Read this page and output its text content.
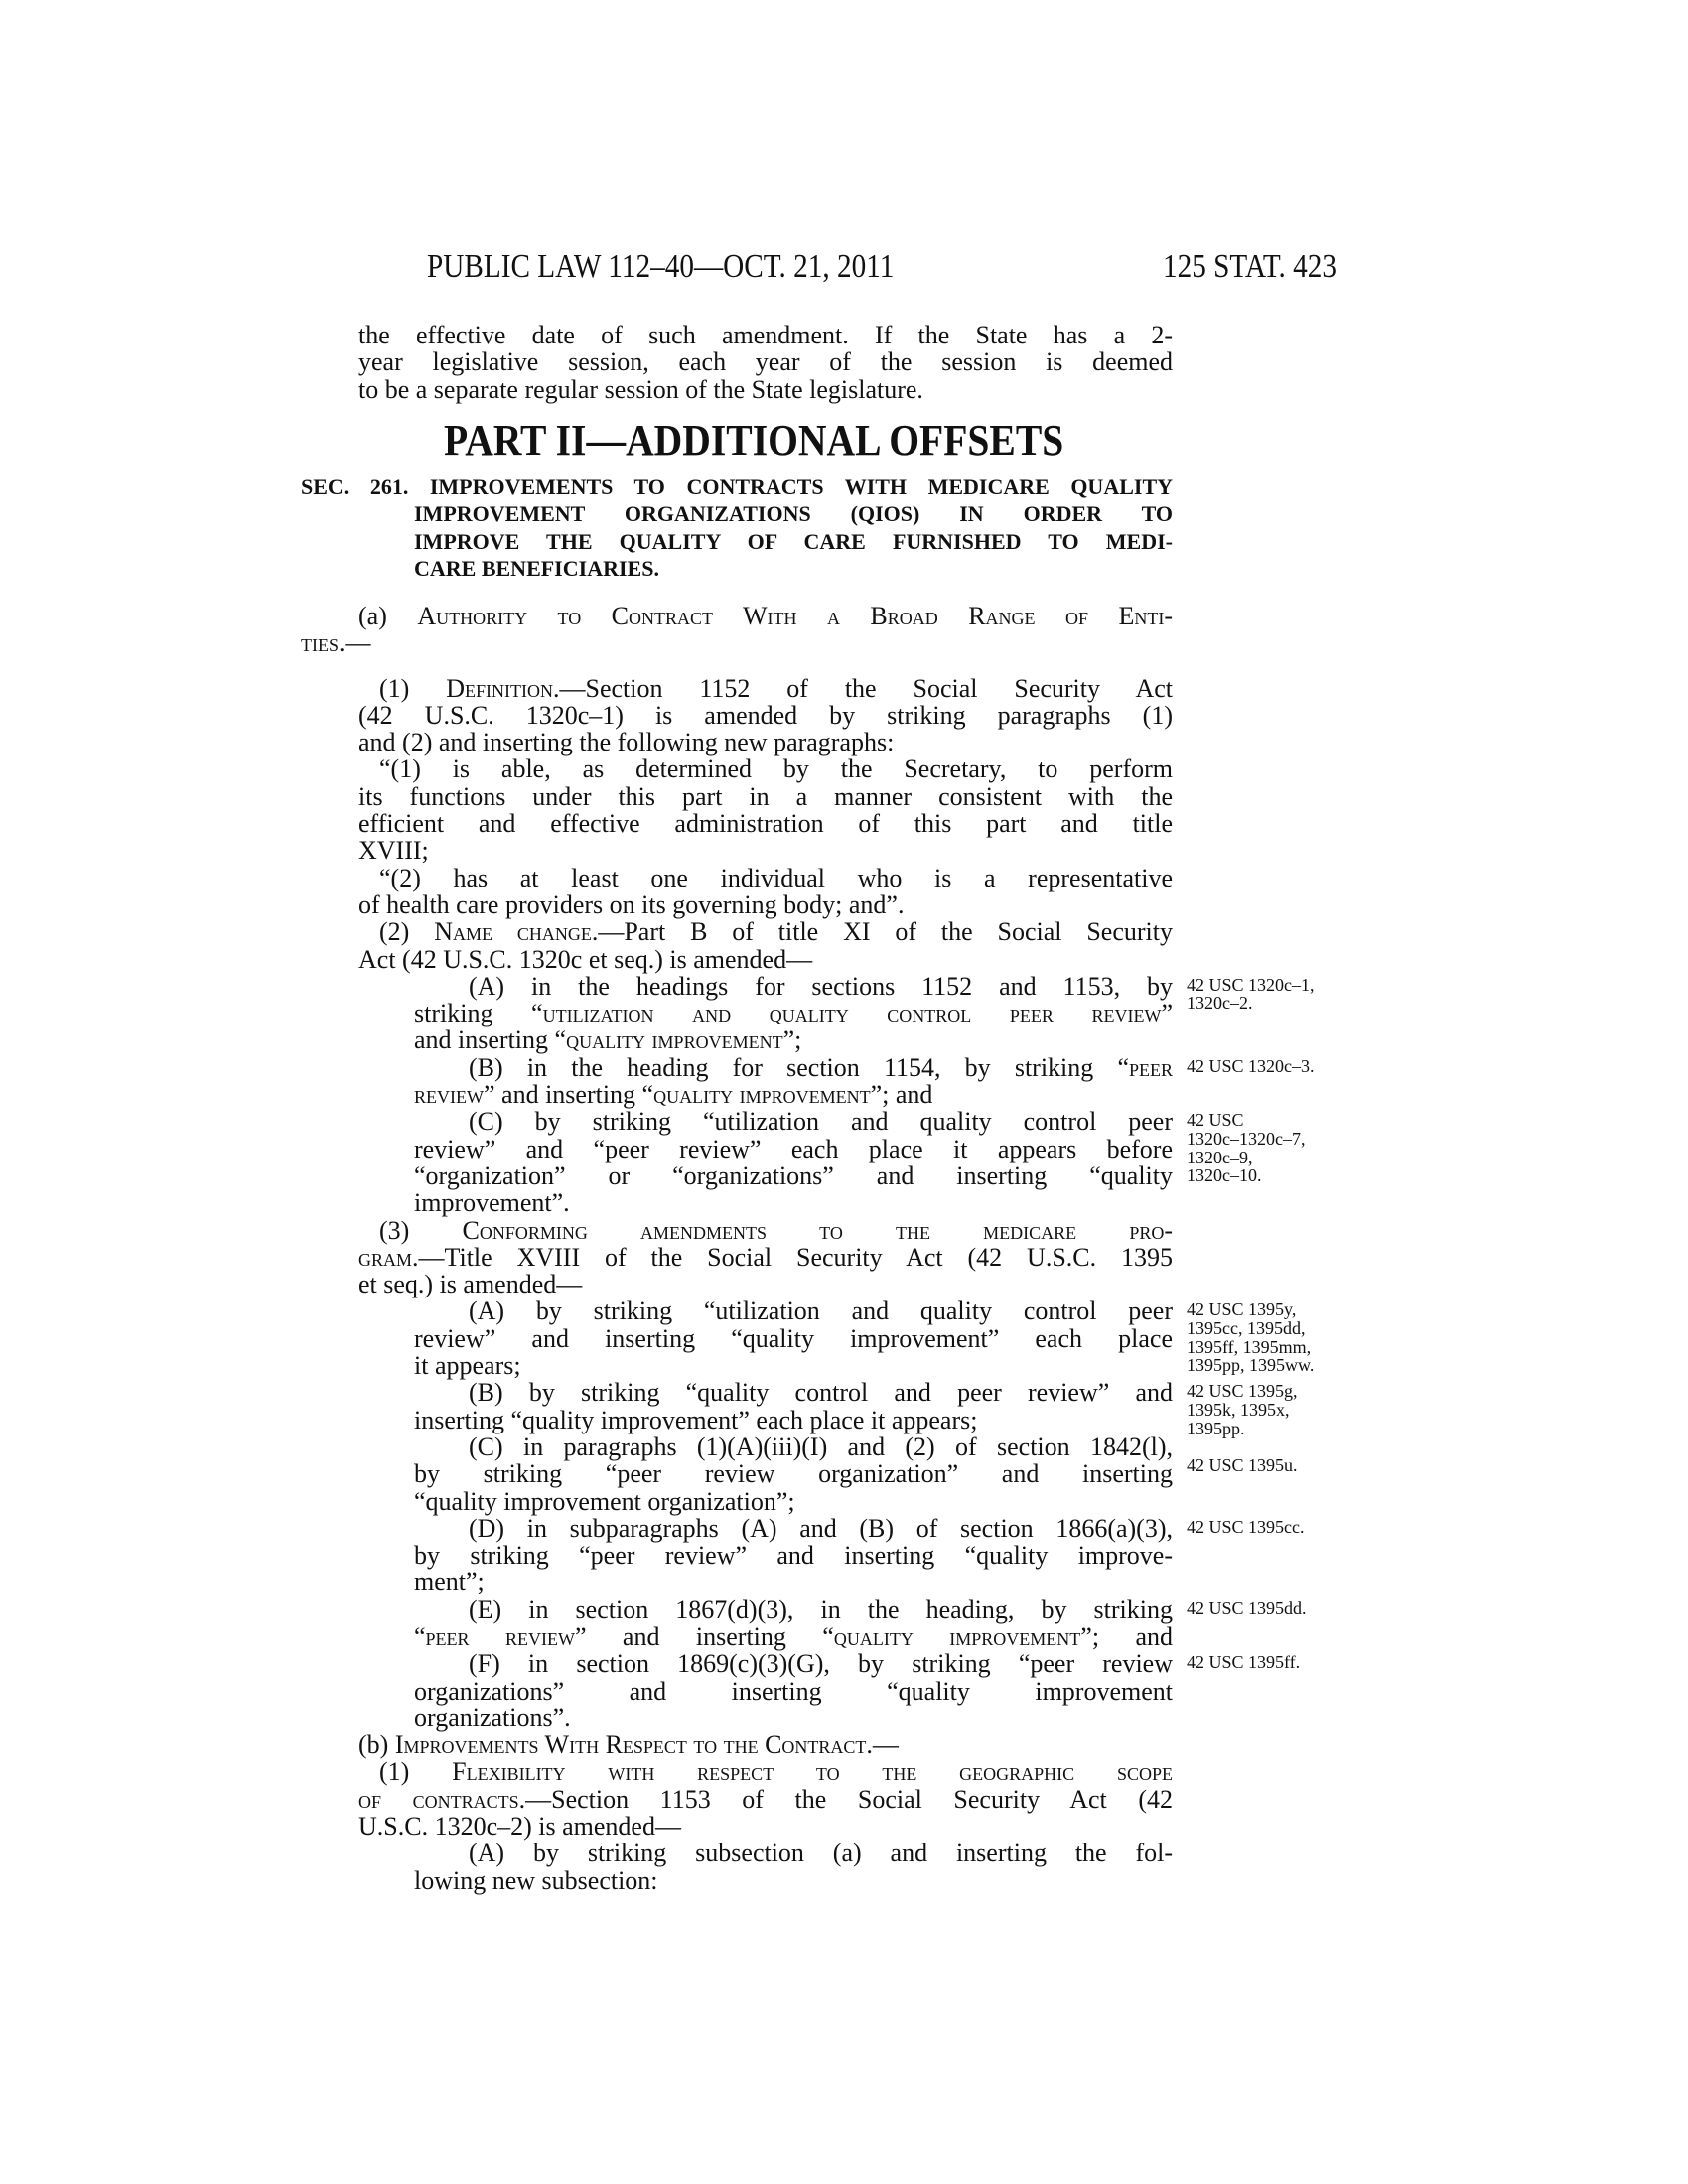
PUBLIC LAW 112–40—OCT. 21, 2011	125 STAT. 423
the effective date of such amendment. If the State has a 2-
year legislative session, each year of the session is deemed
to be a separate regular session of the State legislature.
PART II—ADDITIONAL OFFSETS
SEC. 261. IMPROVEMENTS TO CONTRACTS WITH MEDICARE QUALITY
IMPROVEMENT ORGANIZATIONS (QIOS) IN ORDER TO
IMPROVE THE QUALITY OF CARE FURNISHED TO MEDI-
CARE BENEFICIARIES.
(a) Authority to Contract With a Broad Range of Enti-
ties.—
(1) Definition.—Section 1152 of the Social Security Act
(42 U.S.C. 1320c–1) is amended by striking paragraphs (1)
and (2) and inserting the following new paragraphs:
“(1) is able, as determined by the Secretary, to perform
its functions under this part in a manner consistent with the
efficient and effective administration of this part and title
XVIII;
“(2) has at least one individual who is a representative
of health care providers on its governing body; and”.
(2) Name change.—Part B of title XI of the Social Security
Act (42 U.S.C. 1320c et seq.) is amended—
(A) in the headings for sections 1152 and 1153, by 42 USC 1320c–1,
1320c–2.
striking “utilization and quality control peer review”
and inserting “quality improvement”;
(B) in the heading for section 1154, by striking “peer 42 USC 1320c–3.
review” and inserting “quality improvement”; and
(C) by striking “utilization and quality control peer 42 USC
1320c–1320c–7,
1320c–9,
1320c–10.
review” and “peer review” each place it appears before
“organization” or “organizations” and inserting “quality
improvement”.
(3) Conforming amendments to the medicare pro-
gram.—Title XVIII of the Social Security Act (42 U.S.C. 1395
et seq.) is amended—
(A) by striking “utilization and quality control peer 42 USC 1395y,
1395cc, 1395dd,
1395ff, 1395mm,
1395pp, 1395ww.
review” and inserting “quality improvement” each place
it appears;
(B) by striking “quality control and peer review” and 42 USC 1395g,
1395k, 1395x,
1395pp.
inserting “quality improvement” each place it appears;
(C) in paragraphs (1)(A)(iii)(I) and (2) of section 1842(l),
by striking “peer review organization” and inserting 42 USC 1395u.
“quality improvement organization”;
(D) in subparagraphs (A) and (B) of section 1866(a)(3), 42 USC 1395cc.
by striking “peer review” and inserting “quality improve-
ment”;
(E) in section 1867(d)(3), in the heading, by striking 42 USC 1395dd.
“peer review” and inserting “quality improvement”; and
(F) in section 1869(c)(3)(G), by striking “peer review 42 USC 1395ff.
organizations” and inserting “quality improvement
organizations”.
(b) Improvements With Respect to the Contract.—
(1) Flexibility with respect to the geographic scope
of contracts.—Section 1153 of the Social Security Act (42
U.S.C. 1320c–2) is amended—
(A) by striking subsection (a) and inserting the fol-
lowing new subsection:
